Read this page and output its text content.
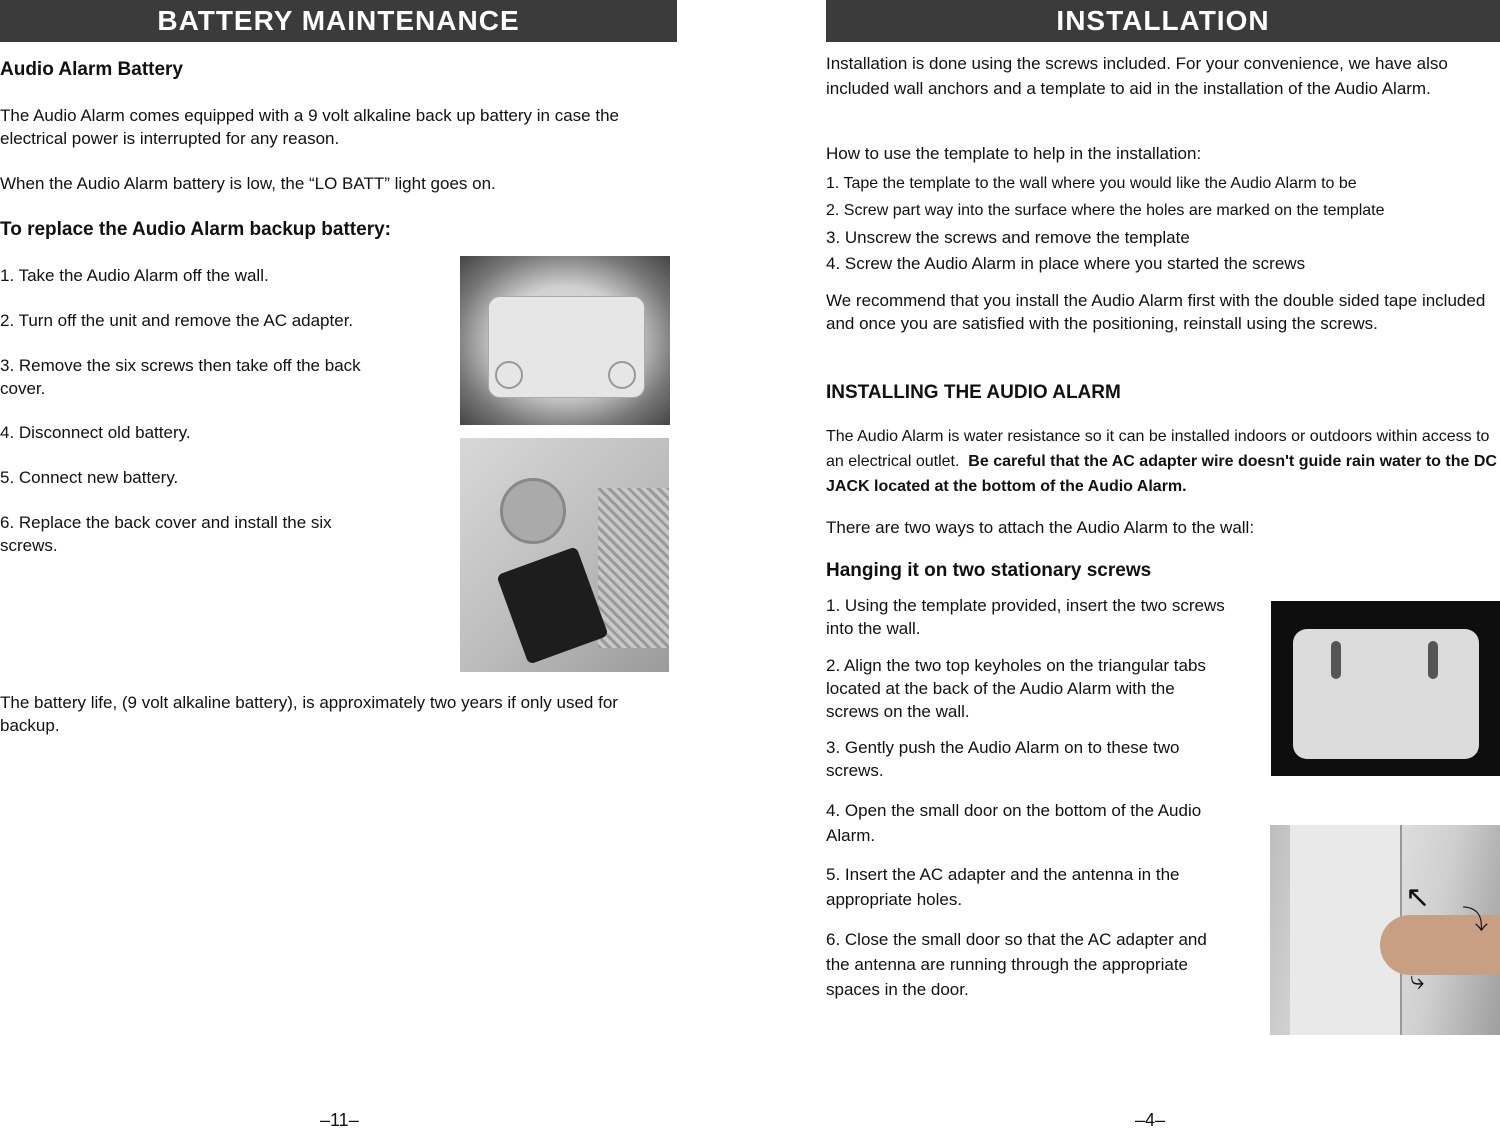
BATTERY MAINTENANCE

Audio Alarm Battery

The Audio Alarm comes equipped with a 9 volt alkaline back up battery in case the electrical power is interrupted for any reason.

When the Audio Alarm battery is low, the “LO BATT” light goes on.

To replace the Audio Alarm backup battery:

1. Take the Audio Alarm off the wall.

2. Turn off the unit and remove the AC adapter.

3. Remove the six screws then take off the back cover.

4. Disconnect old battery.

5. Connect new battery.

6. Replace the back cover and install the six screws.

The battery life, (9 volt alkaline battery), is approximately two years if only used for backup.

–11–
INSTALLATION

Installation is done using the screws included. For your convenience, we have also included wall anchors and a template to aid in the installation of the Audio Alarm.

How to use the template to help in the installation:

1. Tape the template to the wall where you would like the Audio Alarm to be

2. Screw part way into the surface where the holes are marked on the template

3. Unscrew the screws and remove the template

4. Screw the Audio Alarm in place where you started the screws

We recommend that you install the Audio Alarm first with the double sided tape included and once you are satisfied with the positioning, reinstall using the screws.

INSTALLING THE AUDIO ALARM

The Audio Alarm is water resistance so it can be installed indoors or outdoors within access to an electrical outlet. Be careful that the AC adapter wire doesn't guide rain water to the DC JACK located at the bottom of the Audio Alarm.

There are two ways to attach the Audio Alarm to the wall:

Hanging it on two stationary screws

1. Using the template provided, insert the two screws into the wall.

2. Align the two top keyholes on the triangular tabs located at the back of the Audio Alarm with the screws on the wall.

3. Gently push the Audio Alarm on to these two screws.

4. Open the small door on the bottom of the Audio Alarm.

5. Insert the AC adapter and the antenna in the appropriate holes.

6. Close the small door so that the AC adapter and the antenna are running through the appropriate spaces in the door.

↖
⤵
⤷
–4–
